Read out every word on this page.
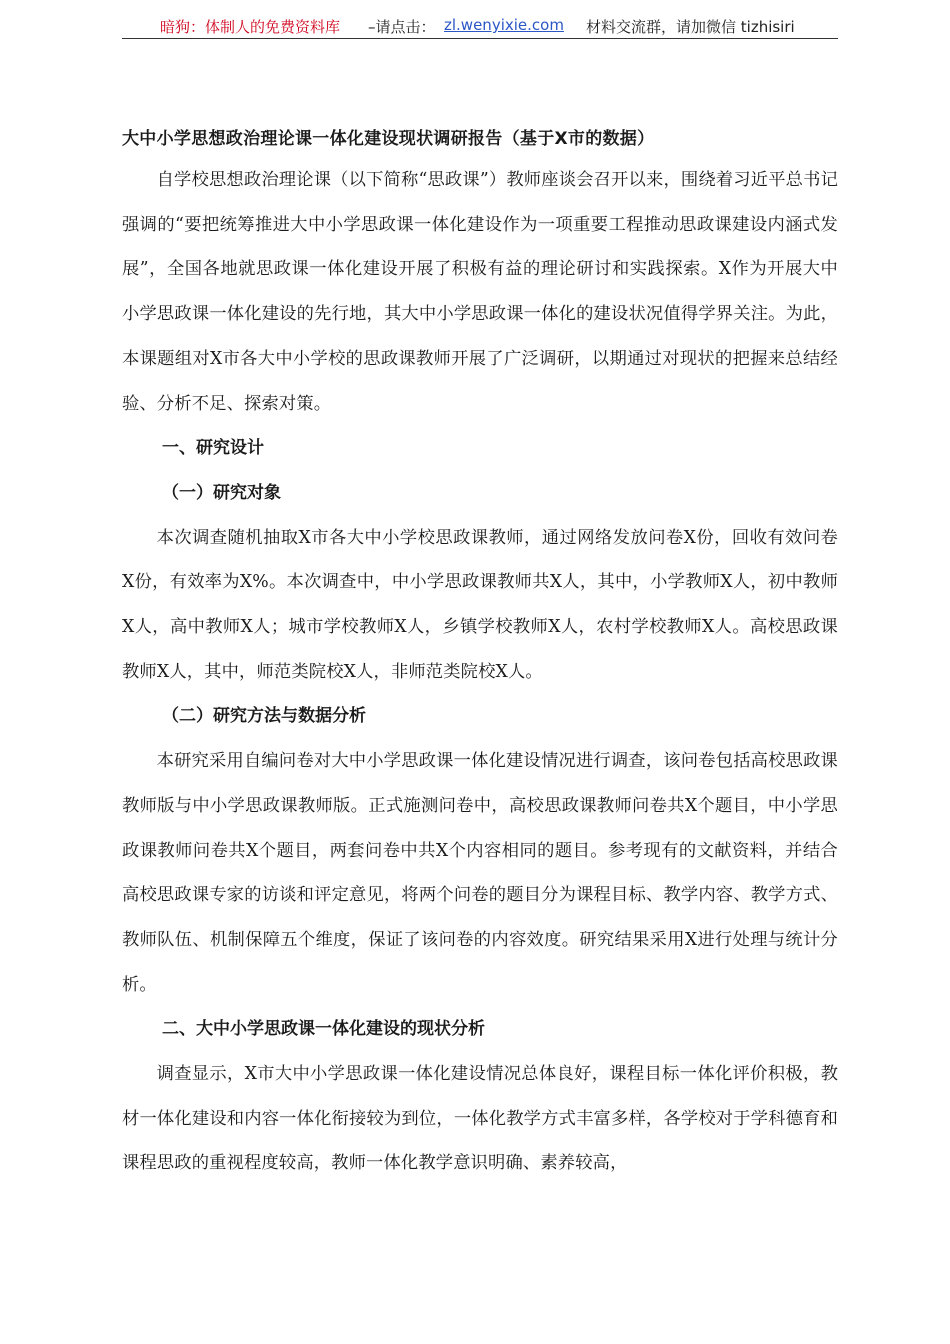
暗狗：体制人的免费资料库 –请点击： zl.wenyixie.com 材料交流群，请加微信 tizhisiri
大中小学思想政治理论课一体化建设现状调研报告（基于X市的数据）

自学校思想政治理论课（以下简称“思政课”）教师座谈会召开以来，围绕着习近平总书记强调的“要把统筹推进大中小学思政课一体化建设作为一项重要工程推动思政课建设内涵式发展”，全国各地就思政课一体化建设开展了积极有益的理论研讨和实践探索。X作为开展大中小学思政课一体化建设的先行地，其大中小学思政课一体化的建设状况值得学界关注。为此，本课题组对X市各大中小学校的思政课教师开展了广泛调研，以期通过对现状的把握来总结经验、分析不足、探索对策。

一、研究设计
（一）研究对象

本次调查随机抽取X市各大中小学校思政课教师，通过网络发放问卷X份，回收有效问卷X份，有效率为X%。本次调查中，中小学思政课教师共X人，其中，小学教师X人，初中教师X人，高中教师X人；城市学校教师X人，乡镇学校教师X人，农村学校教师X人。高校思政课教师X人，其中，师范类院校X人，非师范类院校X人。

（二）研究方法与数据分析

本研究采用自编问卷对大中小学思政课一体化建设情况进行调查，该问卷包括高校思政课教师版与中小学思政课教师版。正式施测问卷中，高校思政课教师问卷共X个题目，中小学思政课教师问卷共X个题目，两套问卷中共X个内容相同的题目。参考现有的文献资料，并结合高校思政课专家的访谈和评定意见，将两个问卷的题目分为课程目标、教学内容、教学方式、教师队伍、机制保障五个维度，保证了该问卷的内容效度。研究结果采用X进行处理与统计分析。

二、大中小学思政课一体化建设的现状分析

调查显示，X市大中小学思政课一体化建设情况总体良好，课程目标一体化评价积极，教材一体化建设和内容一体化衔接较为到位，一体化教学方式丰富多样，各学校对于学科德育和课程思政的重视程度较高，教师一体化教学意识明确、素养较高，
